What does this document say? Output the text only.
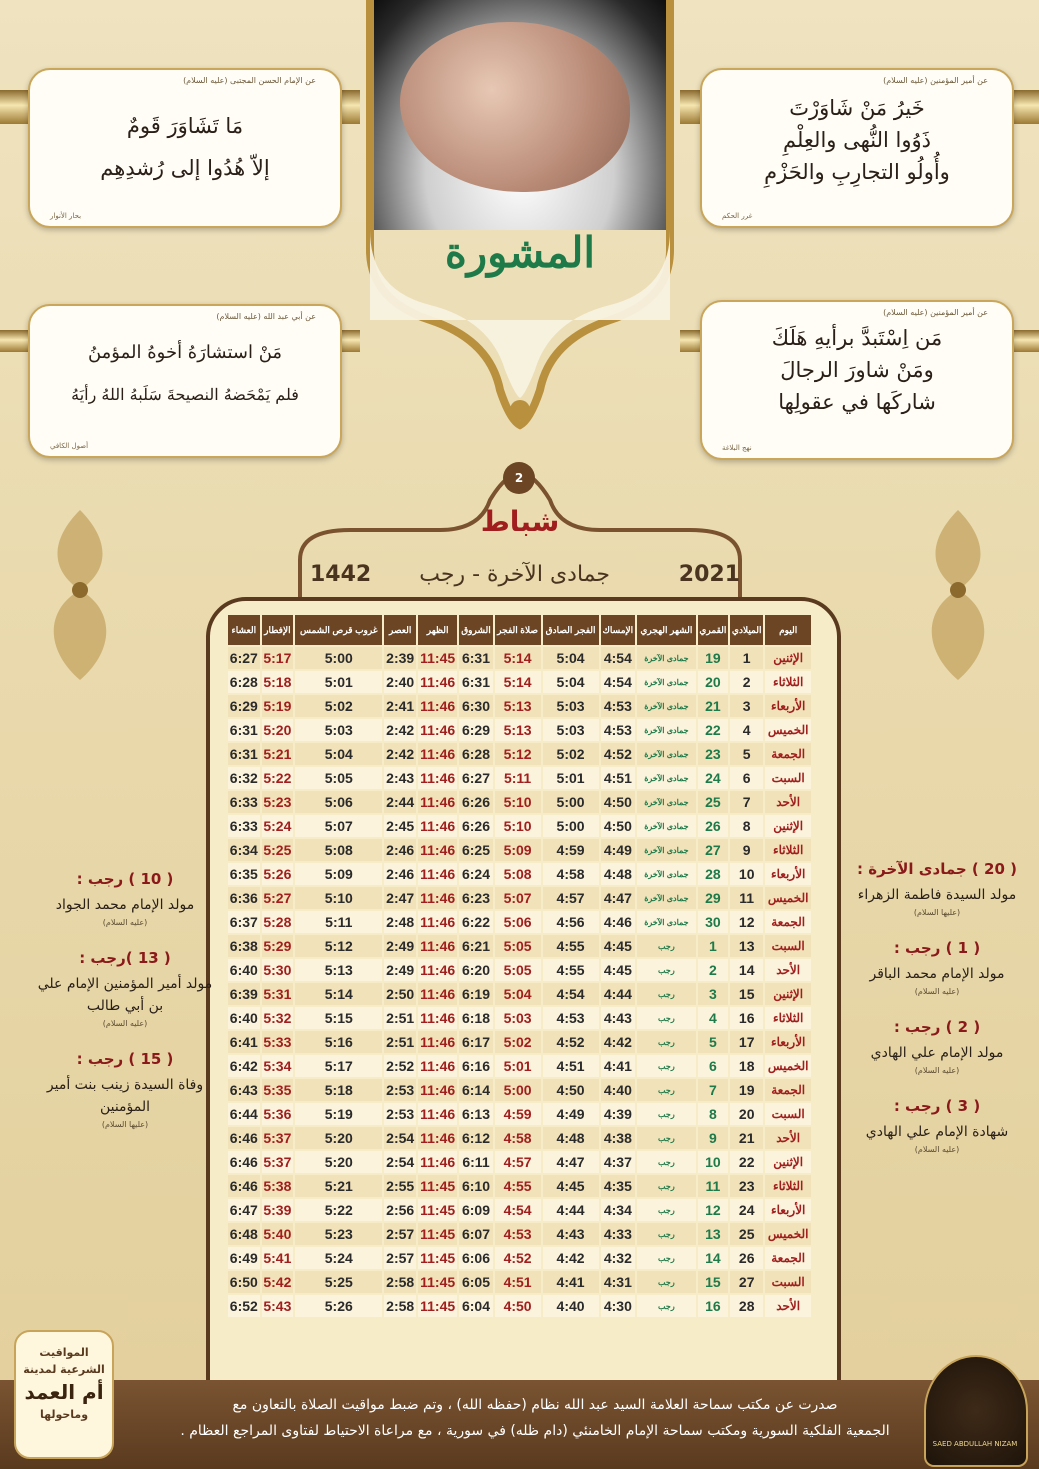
المشورة
عن الإمام الحسن المجتبى (عليه السلام)
مَا تَشَاوَرَ قَومٌ
إلاّ هُدُوا إلى رُشدِهِم
بحار الأنوار
عن أمير المؤمنين (عليه السلام)
خَيرُ مَنْ شَاوَرْتَ
ذَوُوا النُّهى والعِلْمِ
وأُولُو التجارِبِ والحَزْمِ
غرر الحكم
عن أبي عبد الله (عليه السلام)
مَنْ استشارَهُ أخوهُ المؤمنُ
فلم يَمْحَضهُ النصيحةَ سَلَبهُ اللهُ رأيَهُ
أصول الكافي
عن أمير المؤمنين (عليه السلام)
مَن اِسْتَبدَّ برأيهِ هَلَكَ
ومَنْ شاورَ الرجالَ
شاركَها في عقولِها
نهج البلاغة
2
شباط
2021
جمادى الآخرة - رجب
1442
اليوم	الميلادي	القمري	الشهر الهجري	الإمساك	الفجر الصادق	صلاة الفجر	الشروق	الظهر	العصر	غروب قرص الشمس	الإفطار	العشاء
الإثنين	1	19	جمادى الآخرة	4:54	5:04	5:14	6:31	11:45	2:39	5:00	5:17	6:27
الثلاثاء	2	20	جمادى الآخرة	4:54	5:04	5:14	6:31	11:46	2:40	5:01	5:18	6:28
الأربعاء	3	21	جمادى الآخرة	4:53	5:03	5:13	6:30	11:46	2:41	5:02	5:19	6:29
الخميس	4	22	جمادى الآخرة	4:53	5:03	5:13	6:29	11:46	2:42	5:03	5:20	6:31
الجمعة	5	23	جمادى الآخرة	4:52	5:02	5:12	6:28	11:46	2:42	5:04	5:21	6:31
السبت	6	24	جمادى الآخرة	4:51	5:01	5:11	6:27	11:46	2:43	5:05	5:22	6:32
الأحد	7	25	جمادى الآخرة	4:50	5:00	5:10	6:26	11:46	2:44	5:06	5:23	6:33
الإثنين	8	26	جمادى الآخرة	4:50	5:00	5:10	6:26	11:46	2:45	5:07	5:24	6:33
الثلاثاء	9	27	جمادى الآخرة	4:49	4:59	5:09	6:25	11:46	2:46	5:08	5:25	6:34
الأربعاء	10	28	جمادى الآخرة	4:48	4:58	5:08	6:24	11:46	2:46	5:09	5:26	6:35
الخميس	11	29	جمادى الآخرة	4:47	4:57	5:07	6:23	11:46	2:47	5:10	5:27	6:36
الجمعة	12	30	جمادى الآخرة	4:46	4:56	5:06	6:22	11:46	2:48	5:11	5:28	6:37
السبت	13	1	رجب	4:45	4:55	5:05	6:21	11:46	2:49	5:12	5:29	6:38
الأحد	14	2	رجب	4:45	4:55	5:05	6:20	11:46	2:49	5:13	5:30	6:40
الإثنين	15	3	رجب	4:44	4:54	5:04	6:19	11:46	2:50	5:14	5:31	6:39
الثلاثاء	16	4	رجب	4:43	4:53	5:03	6:18	11:46	2:51	5:15	5:32	6:40
الأربعاء	17	5	رجب	4:42	4:52	5:02	6:17	11:46	2:51	5:16	5:33	6:41
الخميس	18	6	رجب	4:41	4:51	5:01	6:16	11:46	2:52	5:17	5:34	6:42
الجمعة	19	7	رجب	4:40	4:50	5:00	6:14	11:46	2:53	5:18	5:35	6:43
السبت	20	8	رجب	4:39	4:49	4:59	6:13	11:46	2:53	5:19	5:36	6:44
الأحد	21	9	رجب	4:38	4:48	4:58	6:12	11:46	2:54	5:20	5:37	6:46
الإثنين	22	10	رجب	4:37	4:47	4:57	6:11	11:46	2:54	5:20	5:37	6:46
الثلاثاء	23	11	رجب	4:35	4:45	4:55	6:10	11:45	2:55	5:21	5:38	6:46
الأربعاء	24	12	رجب	4:34	4:44	4:54	6:09	11:45	2:56	5:22	5:39	6:47
الخميس	25	13	رجب	4:33	4:43	4:53	6:07	11:45	2:57	5:23	5:40	6:48
الجمعة	26	14	رجب	4:32	4:42	4:52	6:06	11:45	2:57	5:24	5:41	6:49
السبت	27	15	رجب	4:31	4:41	4:51	6:05	11:45	2:58	5:25	5:42	6:50
الأحد	28	16	رجب	4:30	4:40	4:50	6:04	11:45	2:58	5:26	5:43	6:52
( 10 ) رجب :
مولد الإمام محمد الجواد
(عليه السلام)
( 13 )رجب :
مولد أمير المؤمنين الإمام علي بن أبي طالب
(عليه السلام)
( 15 ) رجب :
وفاة السيدة زينب بنت أمير المؤمنين
(عليها السلام)
( 20 ) جمادى الآخرة :
مولد السيدة فاطمة الزهراء
(عليها السلام)
( 1 ) رجب :
مولد الإمام محمد الباقر
(عليه السلام)
( 2 ) رجب :
مولد الإمام علي الهادي
(عليه السلام)
( 3 ) رجب :
شهادة الإمام علي الهادي
(عليه السلام)
صدرت عن مكتب سماحة العلامة السيد عبد الله نظام (حفظه الله) ، وتم ضبط مواقيت الصلاة بالتعاون مع
الجمعية الفلكية السورية ومكتب سماحة الإمام الخامنئي (دام ظله) في سورية ، مع مراعاة الاحتياط لفتاوى المراجع العظام .
المواقيت
الشرعية لمدينة
أم العمد
وماحولها
SAED ABDULLAH NIZAM
